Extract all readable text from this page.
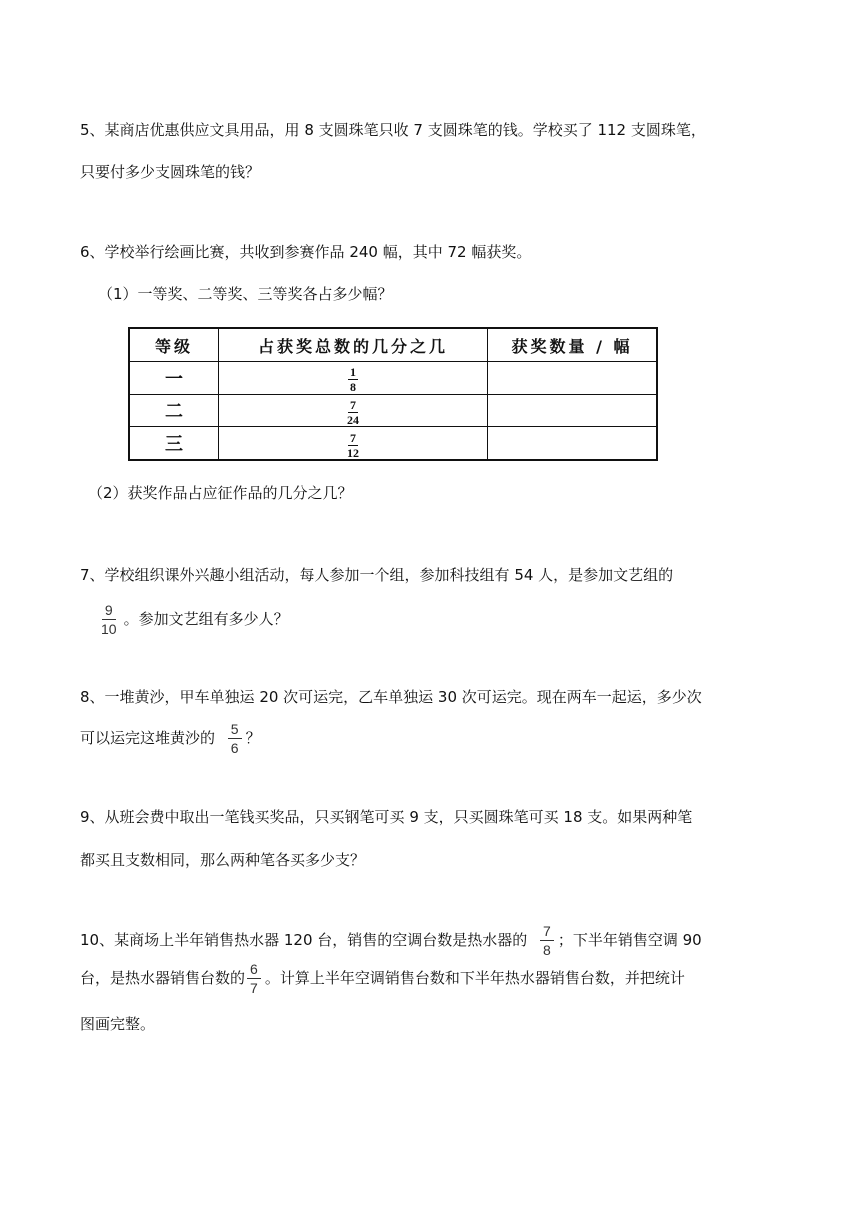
5、某商店优惠供应文具用品，用 8 支圆珠笔只收 7 支圆珠笔的钱。学校买了 112 支圆珠笔，
只要付多少支圆珠笔的钱？
6、学校举行绘画比赛，共收到参赛作品 240 幅，其中 72 幅获奖。
（1）一等奖、二等奖、三等奖各占多少幅？
等级	占获奖总数的几分之几	获奖数量 / 幅
一	$\frac{1}{8}$

二	$\frac{7}{24}$

三	$\frac{7}{12}$

（2）获奖作品占应征作品的几分之几？
7、学校组织课外兴趣小组活动，每人参加一个组，参加科技组有 54 人，是参加文艺组的
$\frac{9}{10}$ 。参加文艺组有多少人？
8、一堆黄沙，甲车单独运 20 次可运完，乙车单独运 30 次可运完。现在两车一起运，多少次
可以运完这堆黄沙的 $\frac{5}{6}$ ？
9、从班会费中取出一笔钱买奖品，只买钢笔可买 9 支，只买圆珠笔可买 18 支。如果两种笔
都买且支数相同，那么两种笔各买多少支？
10、某商场上半年销售热水器 120 台，销售的空调台数是热水器的 $\frac{7}{8}$ ；下半年销售空调 90
台，是热水器销售台数的 $\frac{6}{7}$ 。计算上半年空调销售台数和下半年热水器销售台数，并把统计
图画完整。
